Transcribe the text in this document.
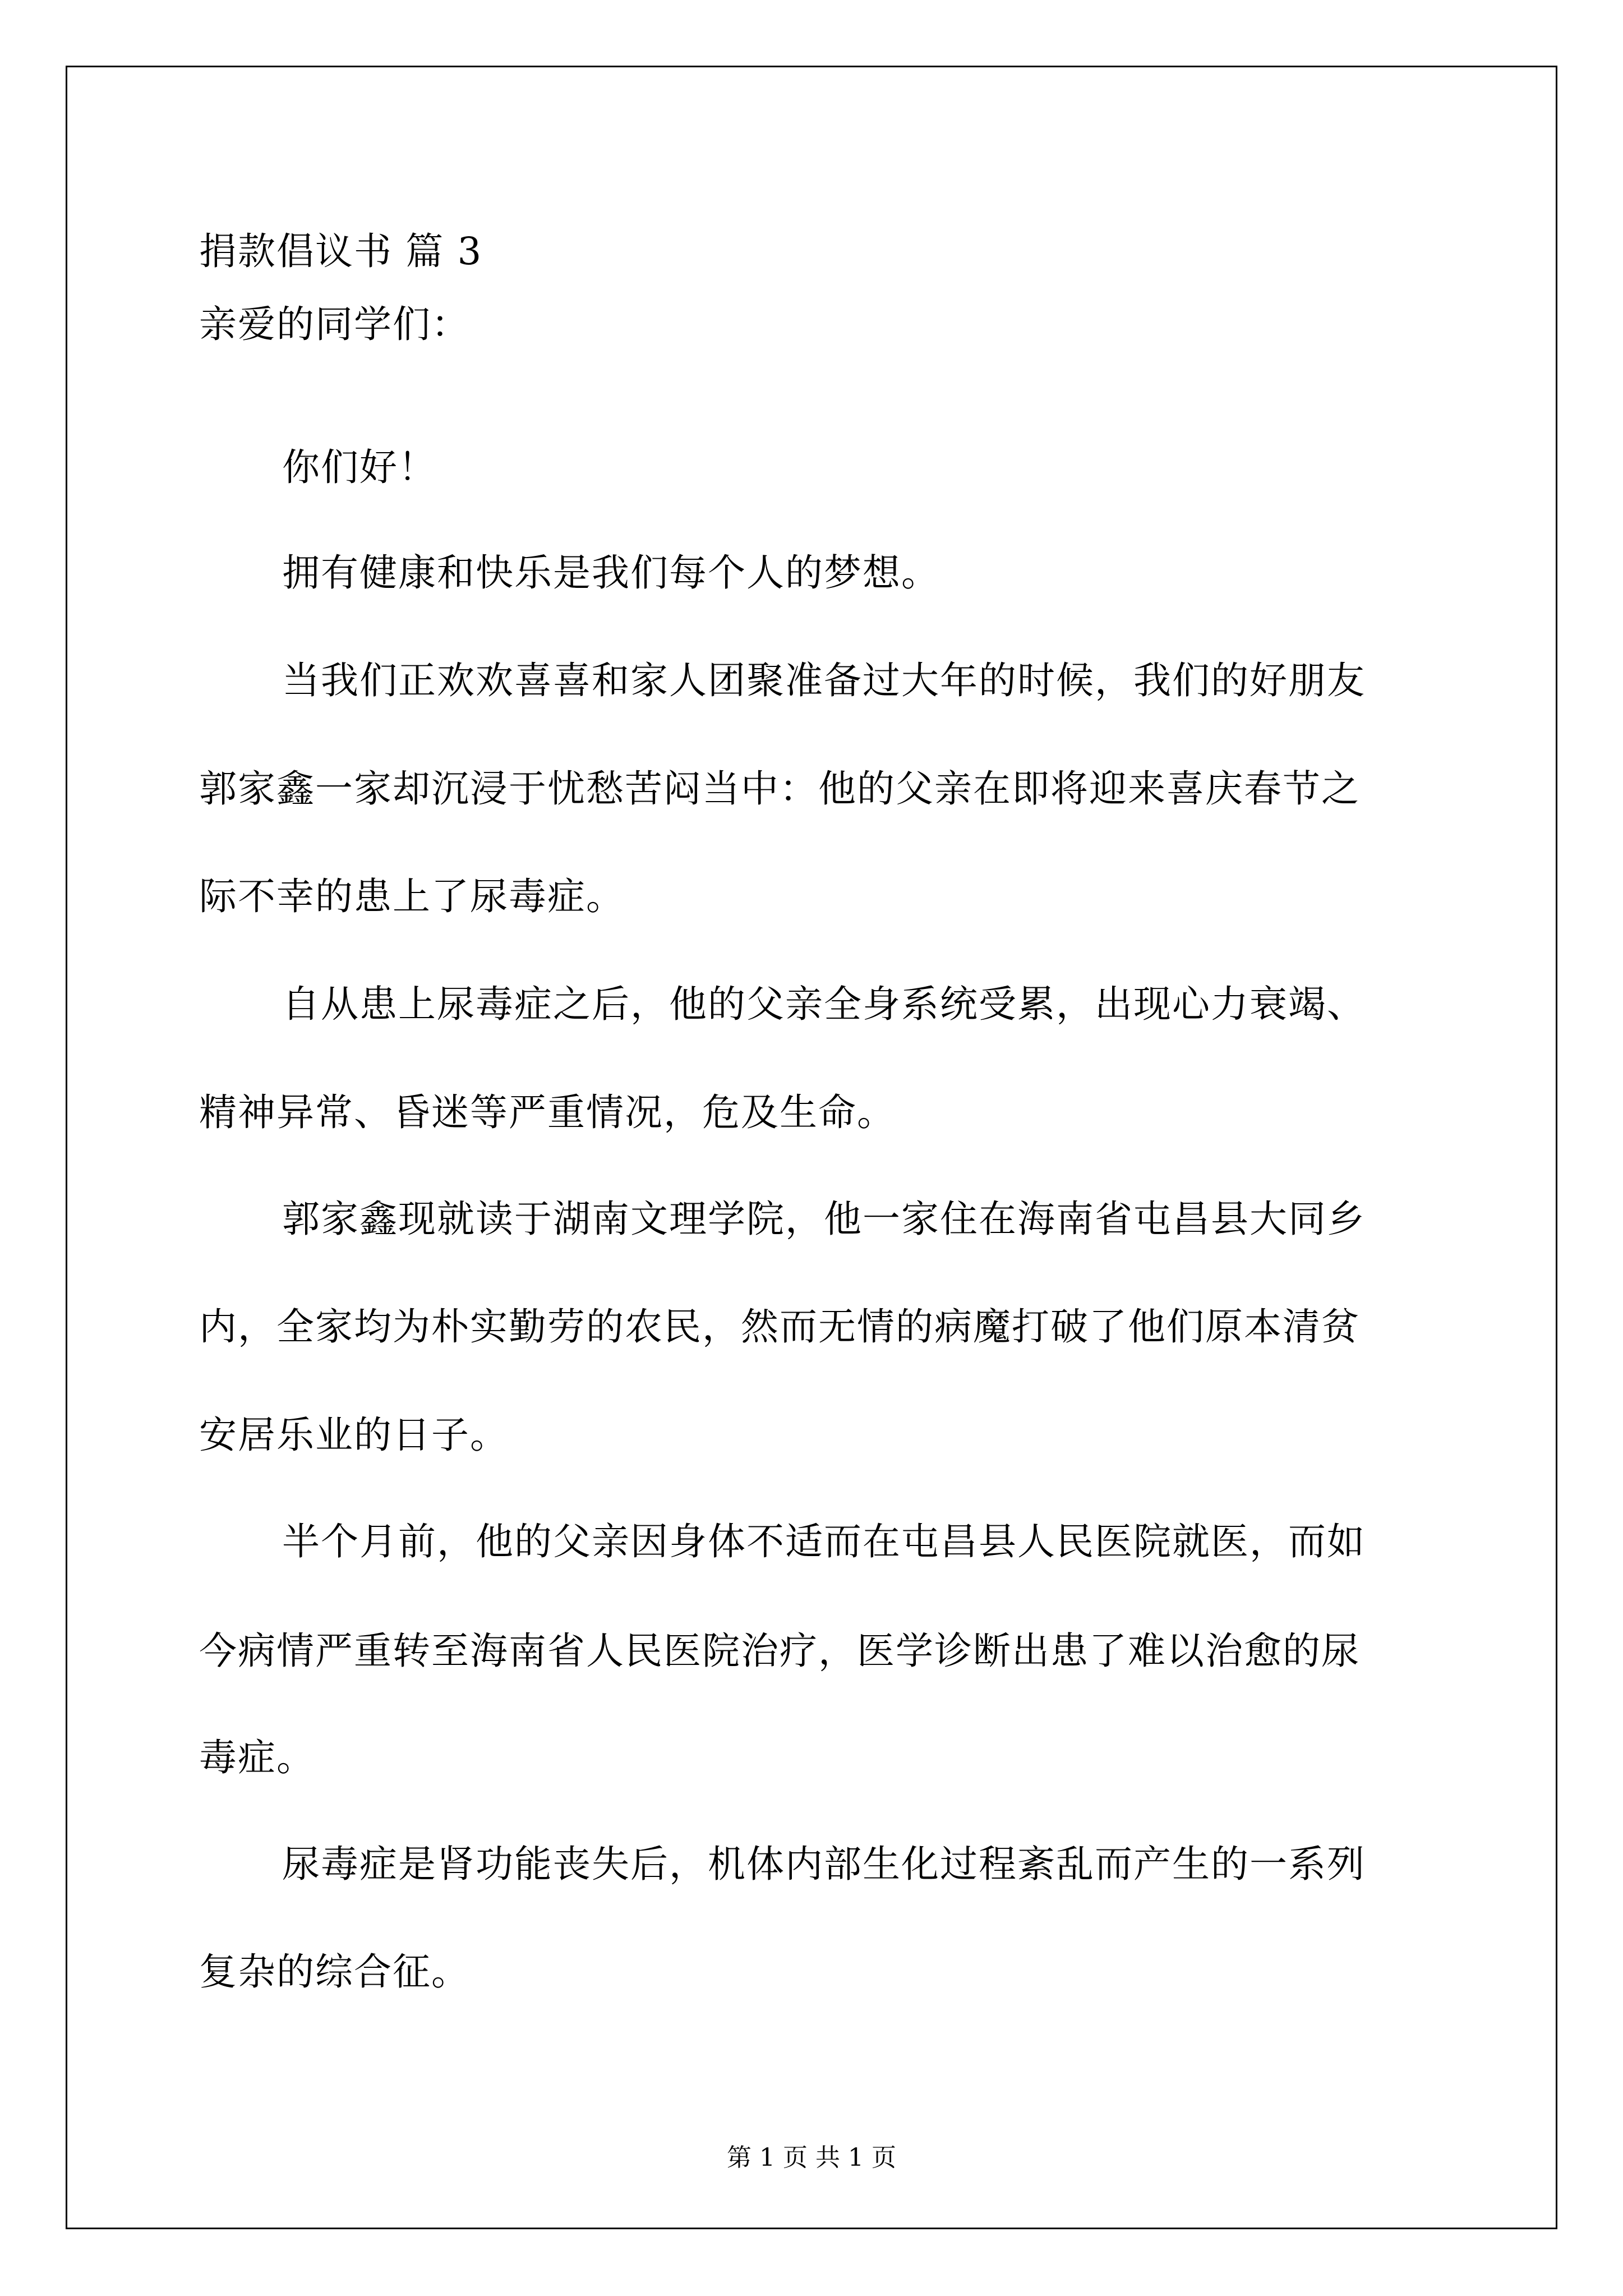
捐款倡议书 篇 3
亲爱的同学们：
你们好！
拥有健康和快乐是我们每个人的梦想。
当我们正欢欢喜喜和家人团聚准备过大年的时候，我们的好朋友
郭家鑫一家却沉浸于忧愁苦闷当中：他的父亲在即将迎来喜庆春节之
际不幸的患上了尿毒症。
自从患上尿毒症之后，他的父亲全身系统受累，出现心力衰竭、
精神异常、昏迷等严重情况，危及生命。
郭家鑫现就读于湖南文理学院，他一家住在海南省屯昌县大同乡
内，全家均为朴实勤劳的农民，然而无情的病魔打破了他们原本清贫
安居乐业的日子。
半个月前，他的父亲因身体不适而在屯昌县人民医院就医，而如
今病情严重转至海南省人民医院治疗，医学诊断出患了难以治愈的尿
毒症。
尿毒症是肾功能丧失后，机体内部生化过程紊乱而产生的一系列
复杂的综合征。
第 1 页 共 1 页
